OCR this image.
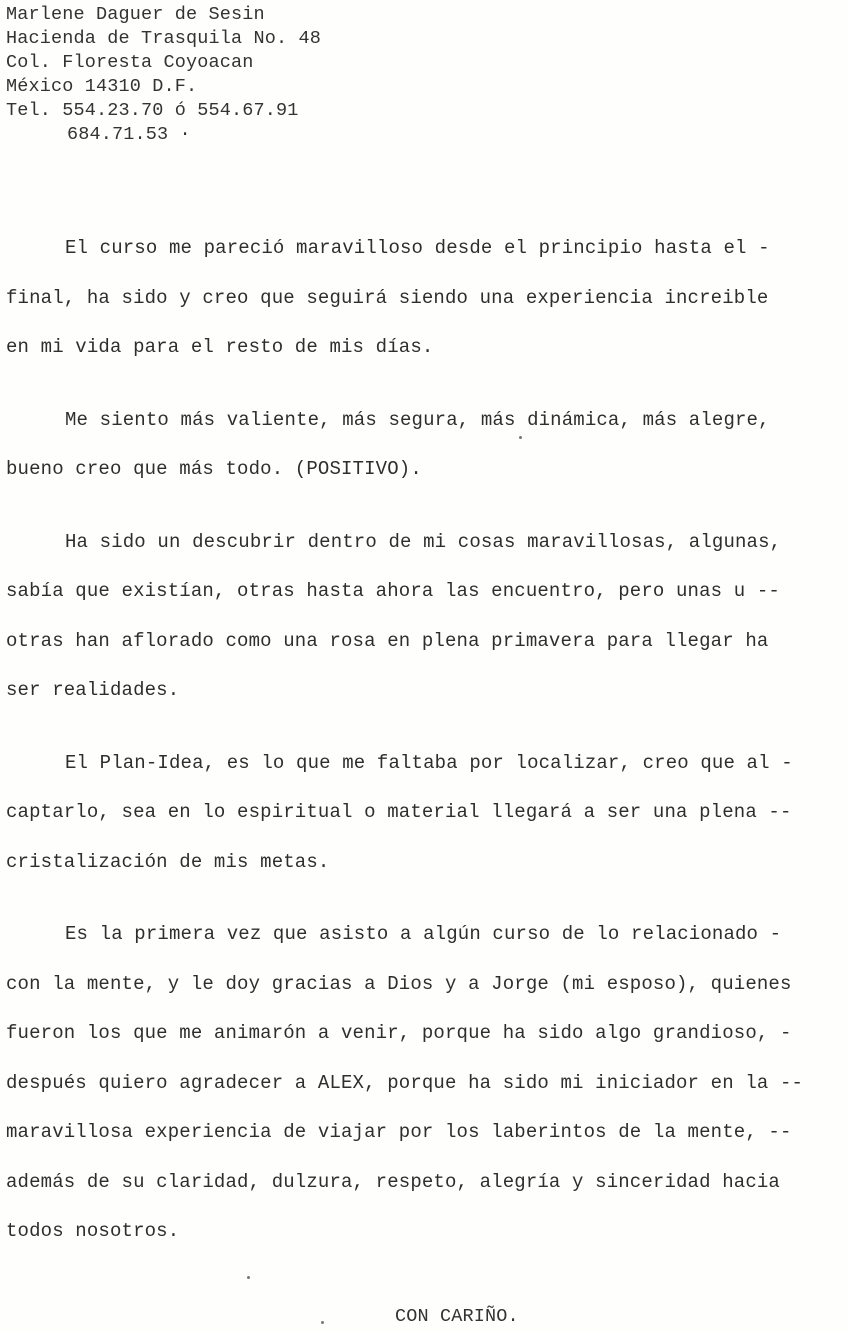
Marlene Daguer de Sesin
Hacienda de Trasquila No. 48
Col. Floresta Coyoacan
México 14310 D.F.
Tel. 554.23.70 ó 554.67.91
684.71.53 ·
El curso me pareció maravilloso desde el principio hasta el -
final, ha sido y creo que seguirá siendo una experiencia increible
en mi vida para el resto de mis días.
Me siento más valiente, más segura, más dinámica, más alegre,
bueno creo que más todo. (POSITIVO).
Ha sido un descubrir dentro de mi cosas maravillosas, algunas,
sabía que existían, otras hasta ahora las encuentro, pero unas u --
otras han aflorado como una rosa en plena primavera para llegar ha
ser realidades.
El Plan-Idea, es lo que me faltaba por localizar, creo que al -
captarlo, sea en lo espiritual o material llegará a ser una plena --
cristalización de mis metas.
Es la primera vez que asisto a algún curso de lo relacionado -
con la mente, y le doy gracias a Dios y a Jorge (mi esposo), quienes
fueron los que me animarón a venir, porque ha sido algo grandioso, -
después quiero agradecer a ALEX, porque ha sido mi iniciador en la --
maravillosa experiencia de viajar por los laberintos de la mente, --
además de su claridad, dulzura, respeto, alegría y sinceridad hacia
todos nosotros.
CON CARIÑO.
